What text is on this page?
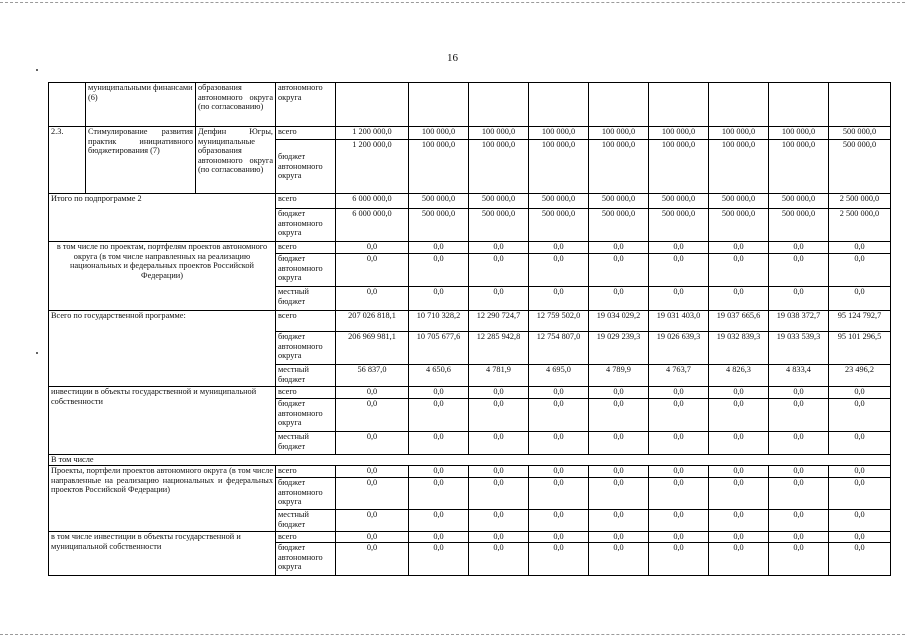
16
	муниципальными финансами (6)	образования автономного округа (по согласованию)	автономного округа									
2.3.	Стимулирование развития практик инициативного бюджетирования (7)	Депфин Югры, муниципальные образования автономного округа (по согласованию)	всего	1 200 000,0	100 000,0	100 000,0	100 000,0	100 000,0	100 000,0	100 000,0	100 000,0	500 000,0
			бюджет автономного округа	1 200 000,0	100 000,0	100 000,0	100 000,0	100 000,0	100 000,0	100 000,0	100 000,0	500 000,0
Итого по подпрограмме 2			всего	6 000 000,0	500 000,0	500 000,0	500 000,0	500 000,0	500 000,0	500 000,0	500 000,0	2 500 000,0
			бюджет автономного округа	6 000 000,0	500 000,0	500 000,0	500 000,0	500 000,0	500 000,0	500 000,0	500 000,0	2 500 000,0
в том числе по проектам, портфелям проектов автономного округа (в том числе направленных на реализацию национальных и федеральных проектов Российской Федерации)			всего	0,0	0,0	0,0	0,0	0,0	0,0	0,0	0,0	0,0
			бюджет автономного округа	0,0	0,0	0,0	0,0	0,0	0,0	0,0	0,0	0,0
			местный бюджет	0,0	0,0	0,0	0,0	0,0	0,0	0,0	0,0	0,0
Всего по государственной программе:			всего	207 026 818,1	10 710 328,2	12 290 724,7	12 759 502,0	19 034 029,2	19 031 403,0	19 037 665,6	19 038 372,7	95 124 792,7
			бюджет автономного округа	206 969 981,1	10 705 677,6	12 285 942,8	12 754 807,0	19 029 239,3	19 026 639,3	19 032 839,3	19 033 539,3	95 101 296,5
			местный бюджет	56 837,0	4 650,6	4 781,9	4 695,0	4 789,9	4 763,7	4 826,3	4 833,4	23 496,2
инвестиции в объекты государственной и муниципальной собственности			всего	0,0	0,0	0,0	0,0	0,0	0,0	0,0	0,0	0,0
			бюджет автономного округа	0,0	0,0	0,0	0,0	0,0	0,0	0,0	0,0	0,0
			местный бюджет	0,0	0,0	0,0	0,0	0,0	0,0	0,0	0,0	0,0
В том числе												
Проекты, портфели проектов автономного округа (в том числе направленные на реализацию национальных и федеральных проектов Российской Федерации)			всего	0,0	0,0	0,0	0,0	0,0	0,0	0,0	0,0	0,0
			бюджет автономного округа	0,0	0,0	0,0	0,0	0,0	0,0	0,0	0,0	0,0
			местный бюджет	0,0	0,0	0,0	0,0	0,0	0,0	0,0	0,0	0,0
в том числе инвестиции в объекты государственной и муниципальной собственности			всего	0,0	0,0	0,0	0,0	0,0	0,0	0,0	0,0	0,0
			бюджет автономного округа	0,0	0,0	0,0	0,0	0,0	0,0	0,0	0,0	0,0
